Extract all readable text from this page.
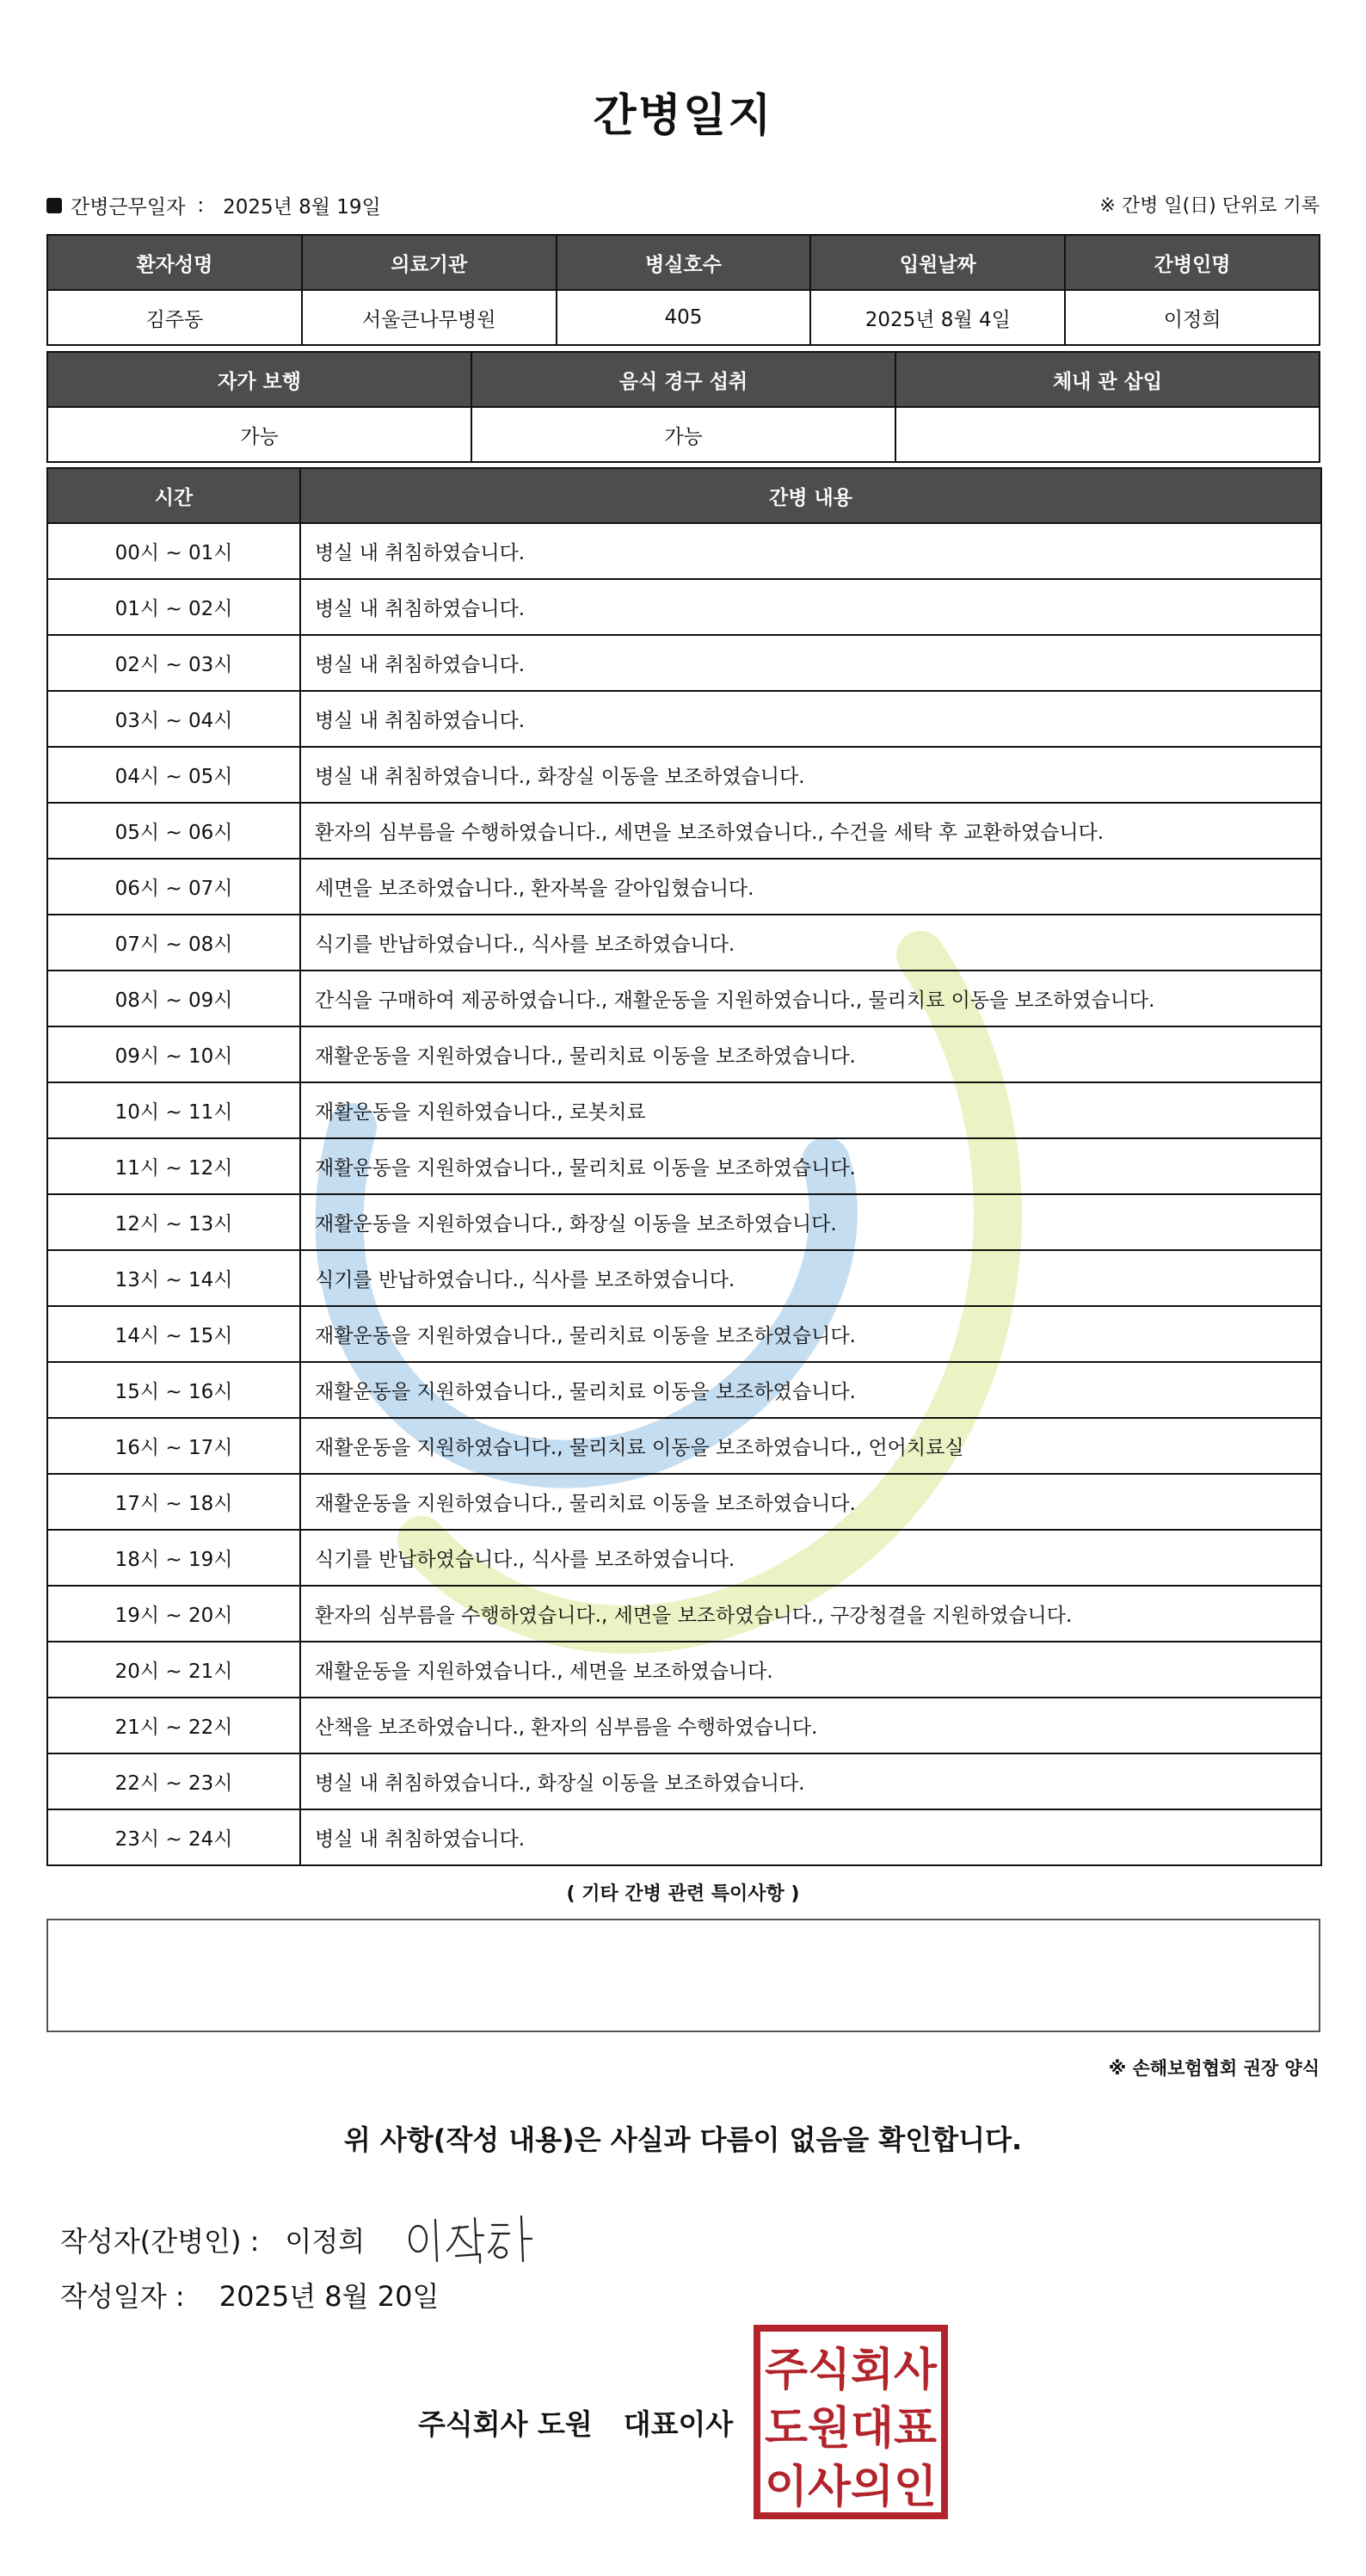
간병일지
간병근무일자 : 2025년 8월 19일	※ 간병 일(日) 단위로 기록
환자성명	의료기관	병실호수	입원날짜	간병인명
김주동	서울큰나무병원	405	2025년 8월 4일	이정희
자가 보행	음식 경구 섭취	체내 관 삽입
가능	가능	
시간	간병 내용
00시 ~ 01시	병실 내 취침하였습니다.
01시 ~ 02시	병실 내 취침하였습니다.
02시 ~ 03시	병실 내 취침하였습니다.
03시 ~ 04시	병실 내 취침하였습니다.
04시 ~ 05시	병실 내 취침하였습니다., 화장실 이동을 보조하였습니다.
05시 ~ 06시	환자의 심부름을 수행하였습니다., 세면을 보조하였습니다., 수건을 세탁 후 교환하였습니다.
06시 ~ 07시	세면을 보조하였습니다., 환자복을 갈아입혔습니다.
07시 ~ 08시	식기를 반납하였습니다., 식사를 보조하였습니다.
08시 ~ 09시	간식을 구매하여 제공하였습니다., 재활운동을 지원하였습니다., 물리치료 이동을 보조하였습니다.
09시 ~ 10시	재활운동을 지원하였습니다., 물리치료 이동을 보조하였습니다.
10시 ~ 11시	재활운동을 지원하였습니다., 로봇치료
11시 ~ 12시	재활운동을 지원하였습니다., 물리치료 이동을 보조하였습니다.
12시 ~ 13시	재활운동을 지원하였습니다., 화장실 이동을 보조하였습니다.
13시 ~ 14시	식기를 반납하였습니다., 식사를 보조하였습니다.
14시 ~ 15시	재활운동을 지원하였습니다., 물리치료 이동을 보조하였습니다.
15시 ~ 16시	재활운동을 지원하였습니다., 물리치료 이동을 보조하였습니다.
16시 ~ 17시	재활운동을 지원하였습니다., 물리치료 이동을 보조하였습니다., 언어치료실
17시 ~ 18시	재활운동을 지원하였습니다., 물리치료 이동을 보조하였습니다.
18시 ~ 19시	식기를 반납하였습니다., 식사를 보조하였습니다.
19시 ~ 20시	환자의 심부름을 수행하였습니다., 세면을 보조하였습니다., 구강청결을 지원하였습니다.
20시 ~ 21시	재활운동을 지원하였습니다., 세면을 보조하였습니다.
21시 ~ 22시	산책을 보조하였습니다., 환자의 심부름을 수행하였습니다.
22시 ~ 23시	병실 내 취침하였습니다., 화장실 이동을 보조하였습니다.
23시 ~ 24시	병실 내 취침하였습니다.
( 기타 간병 관련 특이사항 )
※ 손해보험협회 권장 양식
위 사항(작성 내용)은 사실과 다름이 없음을 확인합니다.
작성자(간병인) : 이정희
작성일자 : 2025년 8월 20일
주식회사 도원 대표이사
주식회사
도원대표
이사의인
